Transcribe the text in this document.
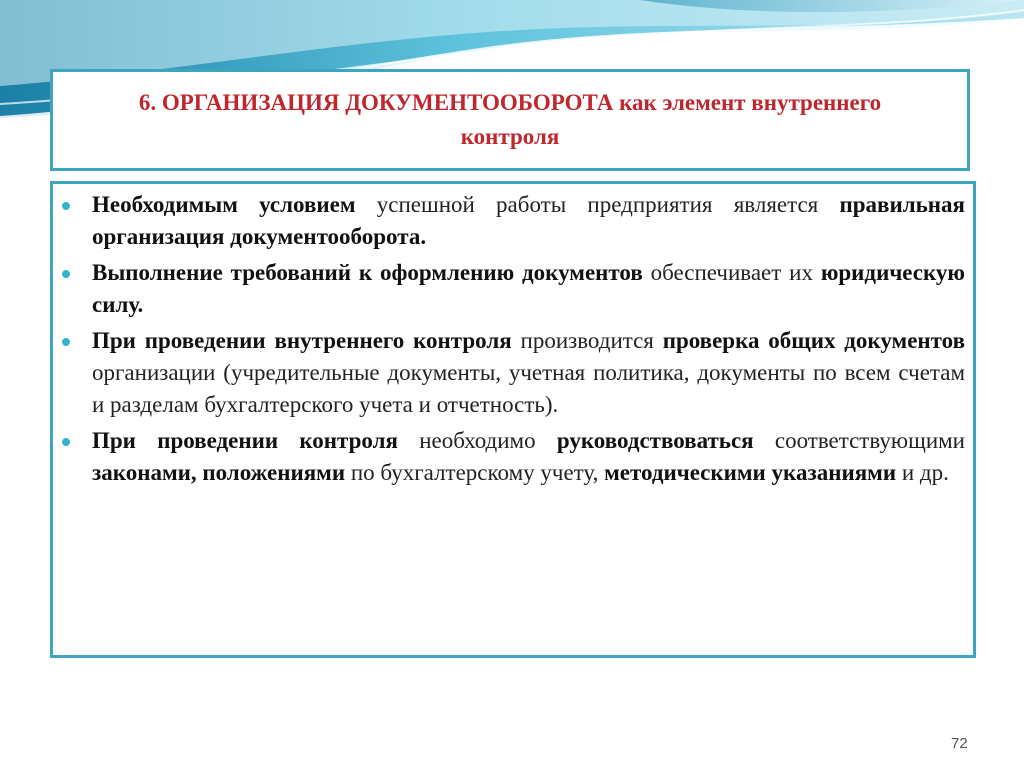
6. ОРГАНИЗАЦИЯ ДОКУМЕНТООБОРОТА как элемент внутреннего контроля
Необходимым условием успешной работы предприятия является правильная организация документооборота.
Выполнение требований к оформлению документов обеспечивает их юридическую силу.
При проведении внутреннего контроля производится проверка общих документов организации (учредительные документы, учетная политика, документы по всем счетам и разделам бухгалтерского учета и отчетность).
При проведении контроля необходимо руководствоваться соответствующими законами, положениями по бухгалтерскому учету, методическими указаниями и др.
72
